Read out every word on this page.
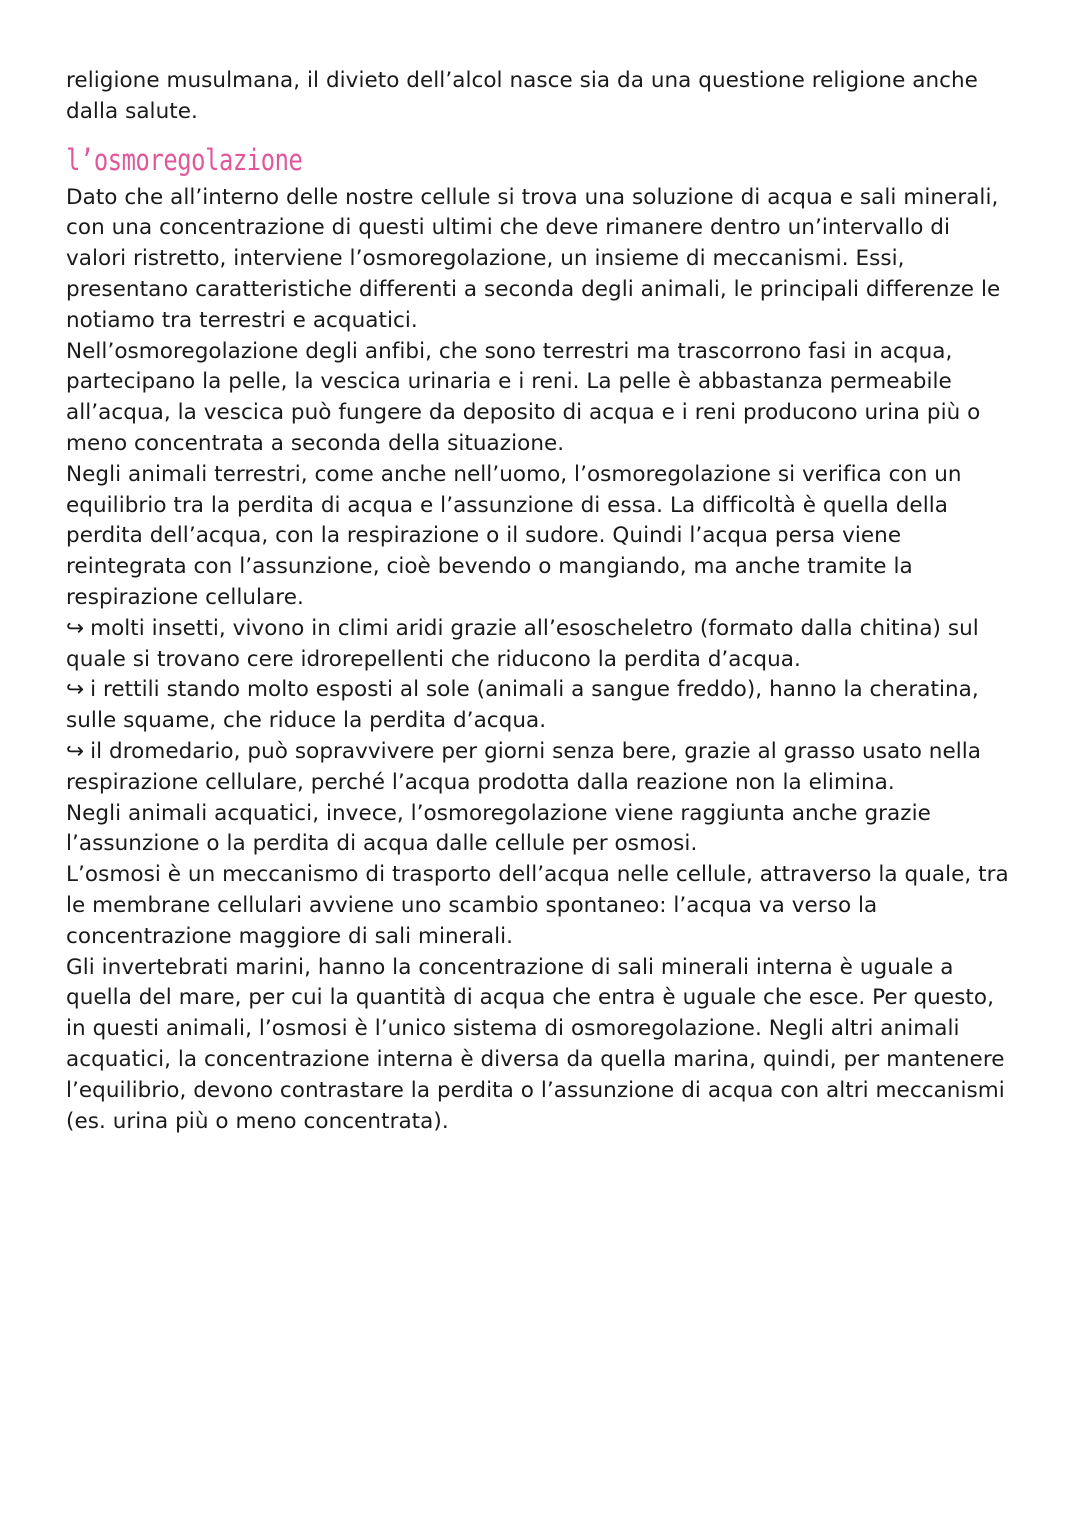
religione musulmana, il divieto dell’alcol nasce sia da una questione religione anche dalla salute.

l’osmoregolazione

Dato che all’interno delle nostre cellule si trova una soluzione di acqua e sali minerali, con una concentrazione di questi ultimi che deve rimanere dentro un’intervallo di valori ristretto, interviene l’osmoregolazione, un insieme di meccanismi. Essi, presentano caratteristiche differenti a seconda degli animali, le principali differenze le notiamo tra terrestri e acquatici.

Nell’osmoregolazione degli anfibi, che sono terrestri ma trascorrono fasi in acqua, partecipano la pelle, la vescica urinaria e i reni. La pelle è abbastanza permeabile all’acqua, la vescica può fungere da deposito di acqua e i reni producono urina più o meno concentrata a seconda della situazione.

Negli animali terrestri, come anche nell’uomo, l’osmoregolazione si verifica con un equilibrio tra la perdita di acqua e l’assunzione di essa. La difficoltà è quella della perdita dell’acqua, con la respirazione o il sudore. Quindi l’acqua persa viene reintegrata con l’assunzione, cioè bevendo o mangiando, ma anche tramite la respirazione cellulare.

↪ molti insetti, vivono in climi aridi grazie all’esoscheletro (formato dalla chitina) sul quale si trovano cere idrorepellenti che riducono la perdita d’acqua.

↪ i rettili stando molto esposti al sole (animali a sangue freddo), hanno la cheratina, sulle squame, che riduce la perdita d’acqua.

↪ il dromedario, può sopravvivere per giorni senza bere, grazie al grasso usato nella respirazione cellulare, perché l’acqua prodotta dalla reazione non la elimina.

Negli animali acquatici, invece, l’osmoregolazione viene raggiunta anche grazie l’assunzione o la perdita di acqua dalle cellule per osmosi.

L’osmosi è un meccanismo di trasporto dell’acqua nelle cellule, attraverso la quale, tra le membrane cellulari avviene uno scambio spontaneo: l’acqua va verso la concentrazione maggiore di sali minerali.

Gli invertebrati marini, hanno la concentrazione di sali minerali interna è uguale a quella del mare, per cui la quantità di acqua che entra è uguale che esce. Per questo, in questi animali, l’osmosi è l’unico sistema di osmoregolazione. Negli altri animali acquatici, la concentrazione interna è diversa da quella marina, quindi, per mantenere l’equilibrio, devono contrastare la perdita o l’assunzione di acqua con altri meccanismi (es. urina più o meno concentrata).
